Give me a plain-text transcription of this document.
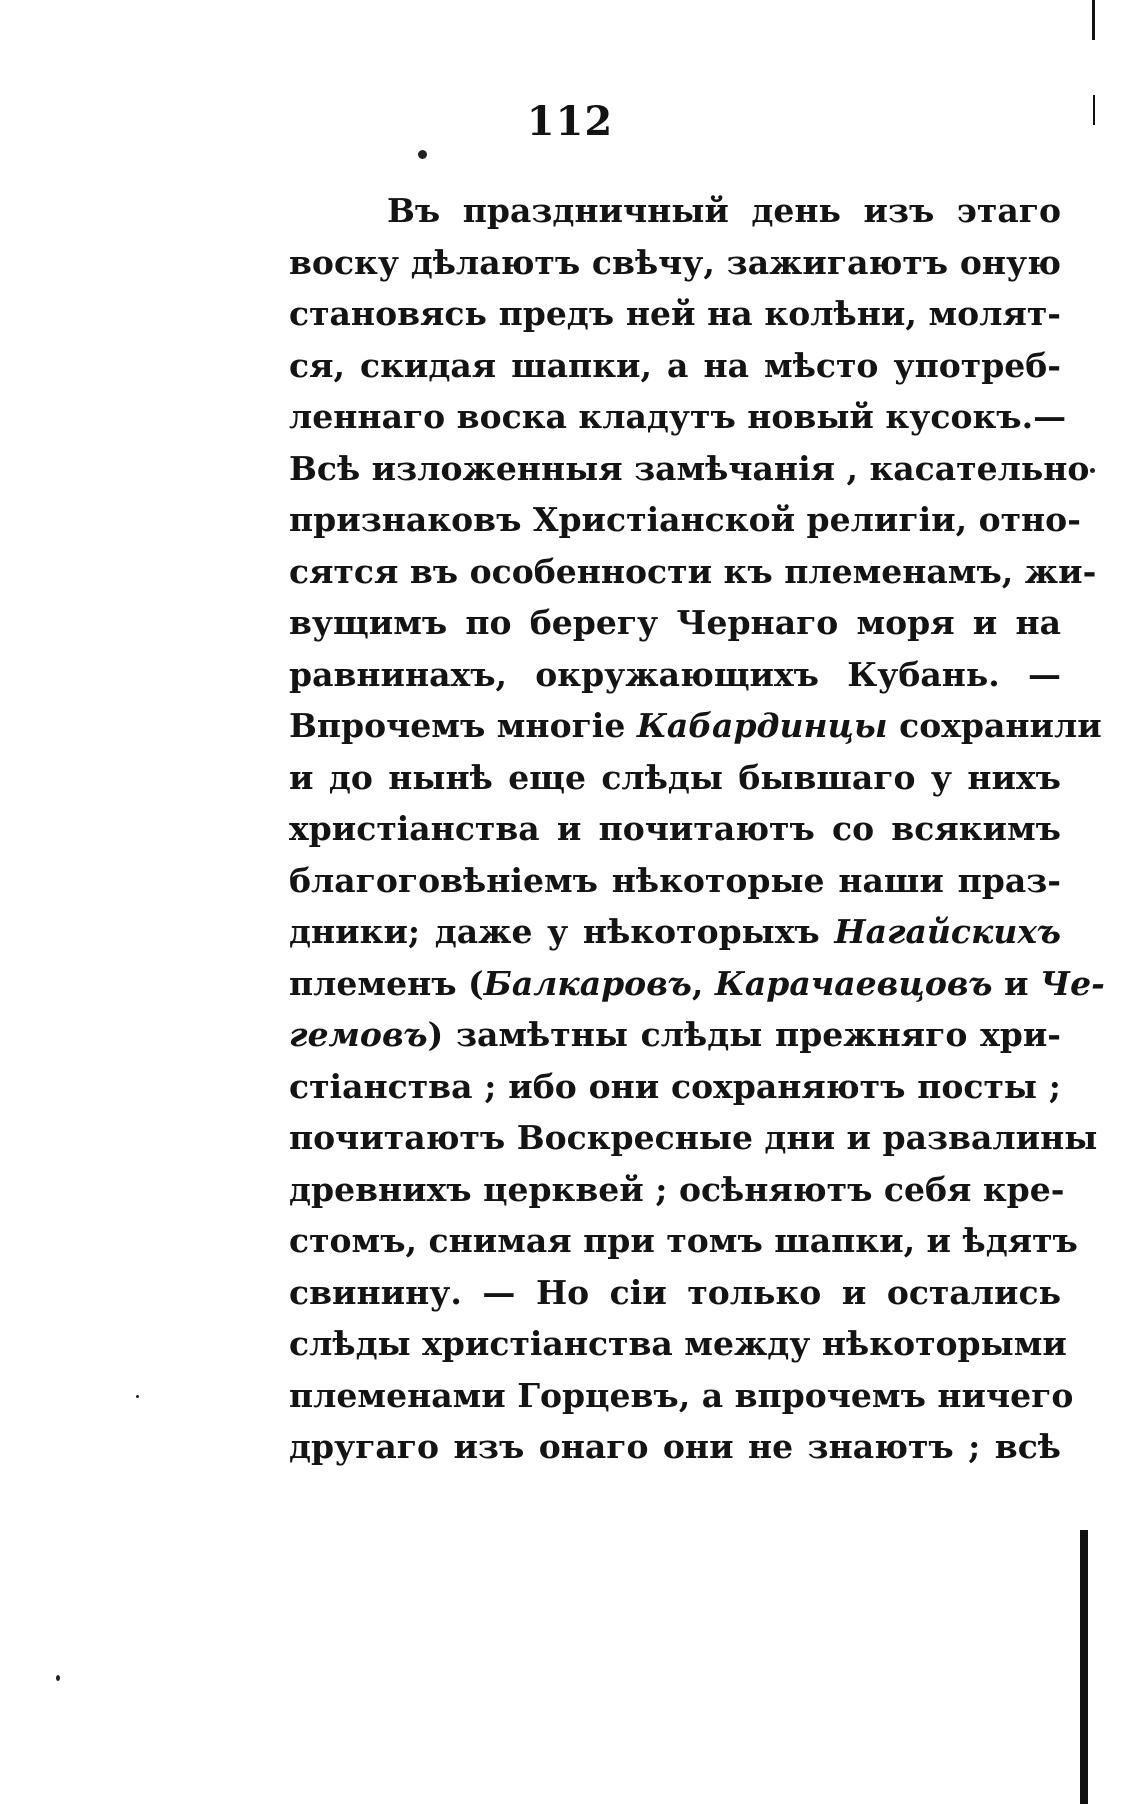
112
Въ праздничный день изъ этаго
воску дѣлаютъ свѣчу, зажигаютъ оную
становясь предъ ней на колѣни, молят-
ся, скидая шапки, а на мѣсто употреб-
леннаго воска кладутъ новый кусокъ.—
Всѣ изложенныя замѣчанія , касательно
признаковъ Христіанской религіи, отно-
сятся въ особенности къ племенамъ, жи-
вущимъ по берегу Чернаго моря и на
равнинахъ, окружающихъ Кубань. —
Впрочемъ многіе Кабардинцы сохранили
и до нынѣ еще слѣды бывшаго у нихъ
христіанства и почитаютъ со всякимъ
благоговѣніемъ нѣкоторые наши праз-
дники; даже у нѣкоторыхъ Нагайскихъ
племенъ (Балкаровъ, Карачаевцовъ и Че-
гемовъ) замѣтны слѣды прежняго хри-
стіанства ; ибо они сохраняютъ посты ;
почитаютъ Воскресные дни и развалины
древнихъ церквей ; осѣняютъ себя кре-
стомъ, снимая при томъ шапки, и ѣдятъ
свинину. — Но сіи только и остались
слѣды христіанства между нѣкоторыми
племенами Горцевъ, а впрочемъ ничего
другаго изъ онаго они не знаютъ ; всѣ
